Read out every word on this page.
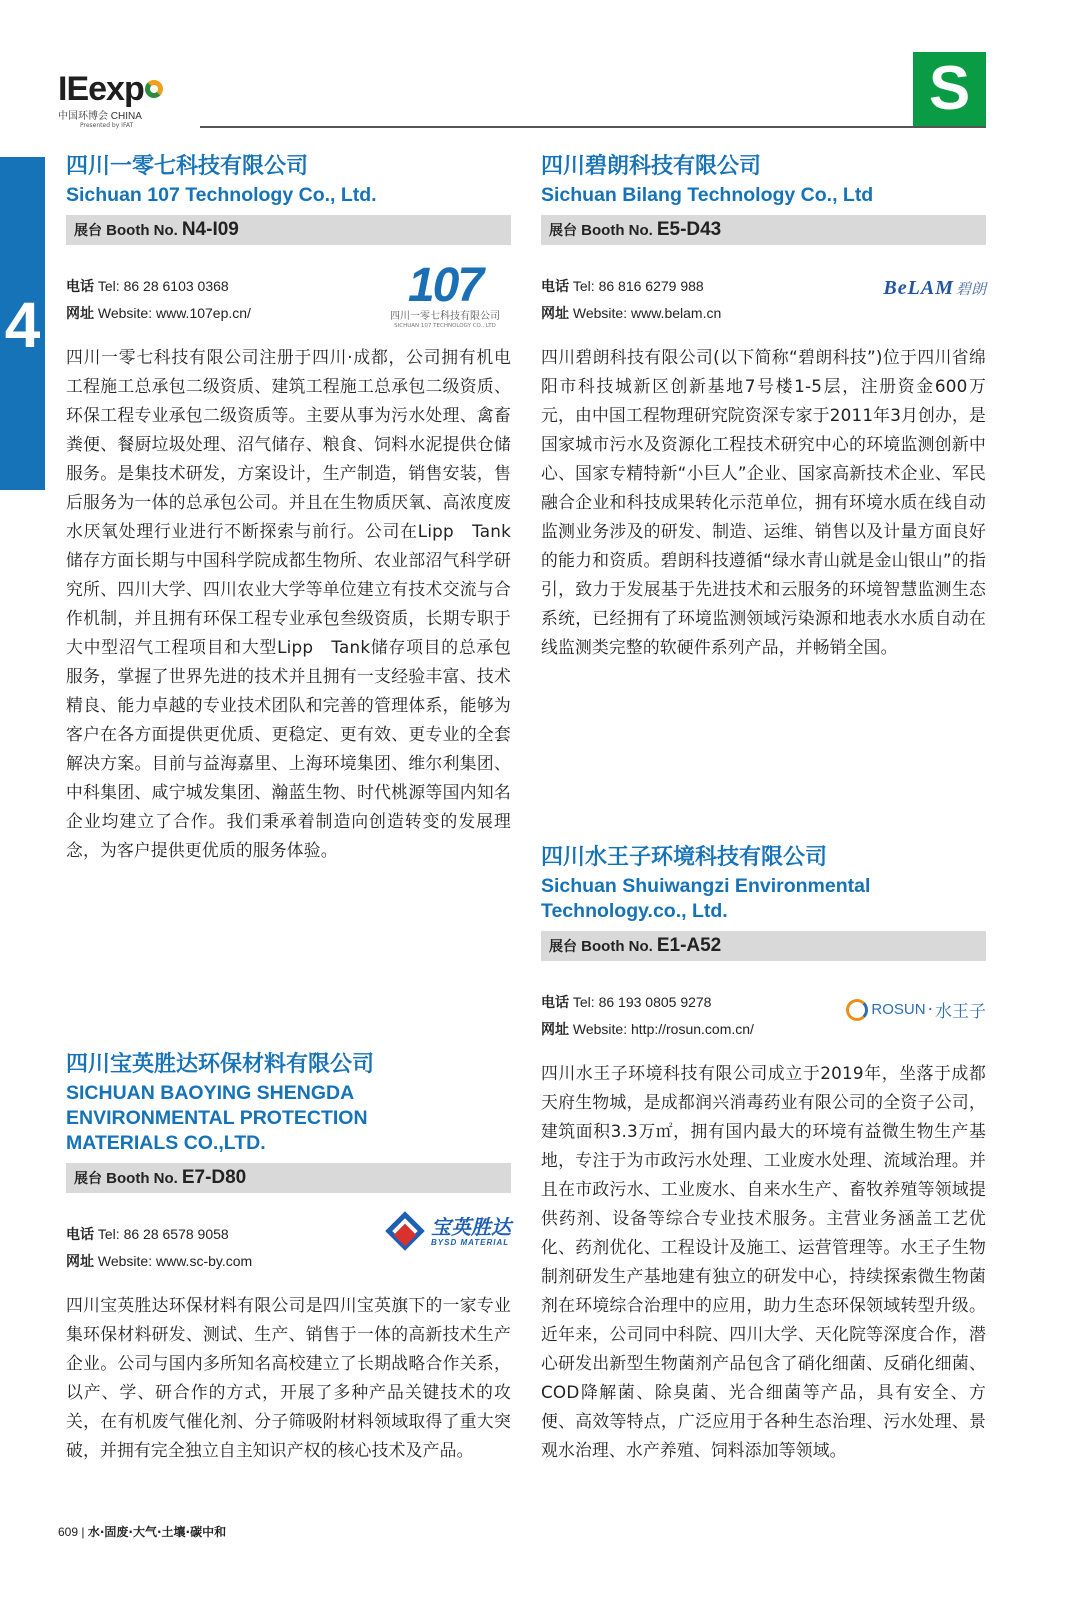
IEexp
中国环博会 CHINA
Presented by IFAT
S
4
四川一零七科技有限公司
Sichuan 107 Technology Co., Ltd.
展台 Booth No. N4-I09
电话 Tel: 86 28 6103 0368
网址 Website: www.107ep.cn/
107
四川一零七科技有限公司
SICHUAN 107 TECHNOLOGY CO., LTD
四川一零七科技有限公司注册于四川·成都，公司拥有机电工程施工总承包二级资质、建筑工程施工总承包二级资质、环保工程专业承包二级资质等。主要从事为污水处理、禽畜粪便、餐厨垃圾处理、沼气储存、粮食、饲料水泥提供仓储服务。是集技术研发，方案设计，生产制造，销售安装，售后服务为一体的总承包公司。并且在生物质厌氧、高浓度废水厌氧处理行业进行不断探索与前行。公司在Lipp　Tank储存方面长期与中国科学院成都生物所、农业部沼气科学研究所、四川大学、四川农业大学等单位建立有技术交流与合作机制，并且拥有环保工程专业承包叁级资质，长期专职于大中型沼气工程项目和大型Lipp　Tank储存项目的总承包服务，掌握了世界先进的技术并且拥有一支经验丰富、技术精良、能力卓越的专业技术团队和完善的管理体系，能够为客户在各方面提供更优质、更稳定、更有效、更专业的全套解决方案。目前与益海嘉里、上海环境集团、维尔利集团、中科集团、咸宁城发集团、瀚蓝生物、时代桃源等国内知名企业均建立了合作。我们秉承着制造向创造转变的发展理念，为客户提供更优质的服务体验。
四川碧朗科技有限公司
Sichuan Bilang Technology Co., Ltd
展台 Booth No. E5-D43
电话 Tel: 86 816 6279 988
网址 Website: www.belam.cn
BeLAM 碧朗
四川碧朗科技有限公司(以下简称“碧朗科技”)位于四川省绵阳市科技城新区创新基地7号楼1-5层，注册资金600万元，由中国工程物理研究院资深专家于2011年3月创办，是国家城市污水及资源化工程技术研究中心的环境监测创新中心、国家专精特新“小巨人”企业、国家高新技术企业、军民融合企业和科技成果转化示范单位，拥有环境水质在线自动监测业务涉及的研发、制造、运维、销售以及计量方面良好的能力和资质。碧朗科技遵循“绿水青山就是金山银山”的指引，致力于发展基于先进技术和云服务的环境智慧监测生态系统，已经拥有了环境监测领域污染源和地表水水质自动在线监测类完整的软硬件系列产品，并畅销全国。
四川水王子环境科技有限公司
Sichuan Shuiwangzi Environmental Technology.co., Ltd.
展台 Booth No. E1-A52
电话 Tel: 86 193 0805 9278
网址 Website: http://rosun.com.cn/
ROSUN · 水王子
四川水王子环境科技有限公司成立于2019年，坐落于成都天府生物城，是成都润兴消毒药业有限公司的全资子公司，建筑面积3.3万㎡，拥有国内最大的环境有益微生物生产基地，专注于为市政污水处理、工业废水处理、流域治理。并且在市政污水、工业废水、自来水生产、畜牧养殖等领域提供药剂、设备等综合专业技术服务。主营业务涵盖工艺优化、药剂优化、工程设计及施工、运营管理等。水王子生物制剂研发生产基地建有独立的研发中心，持续探索微生物菌剂在环境综合治理中的应用，助力生态环保领域转型升级。近年来，公司同中科院、四川大学、天化院等深度合作，潜心研发出新型生物菌剂产品包含了硝化细菌、反硝化细菌、COD降解菌、除臭菌、光合细菌等产品，具有安全、方便、高效等特点，广泛应用于各种生态治理、污水处理、景观水治理、水产养殖、饲料添加等领域。
四川宝英胜达环保材料有限公司
SICHUAN BAOYING SHENGDA ENVIRONMENTAL PROTECTION MATERIALS CO.,LTD.
展台 Booth No. E7-D80
电话 Tel: 86 28 6578 9058
网址 Website: www.sc-by.com
宝英胜达
BYSD MATERIAL
四川宝英胜达环保材料有限公司是四川宝英旗下的一家专业集环保材料研发、测试、生产、销售于一体的高新技术生产企业。公司与国内多所知名高校建立了长期战略合作关系，以产、学、研合作的方式，开展了多种产品关键技术的攻关，在有机废气催化剂、分子筛吸附材料领域取得了重大突破，并拥有完全独立自主知识产权的核心技术及产品。
609 | 水·固废·大气·土壤·碳中和
